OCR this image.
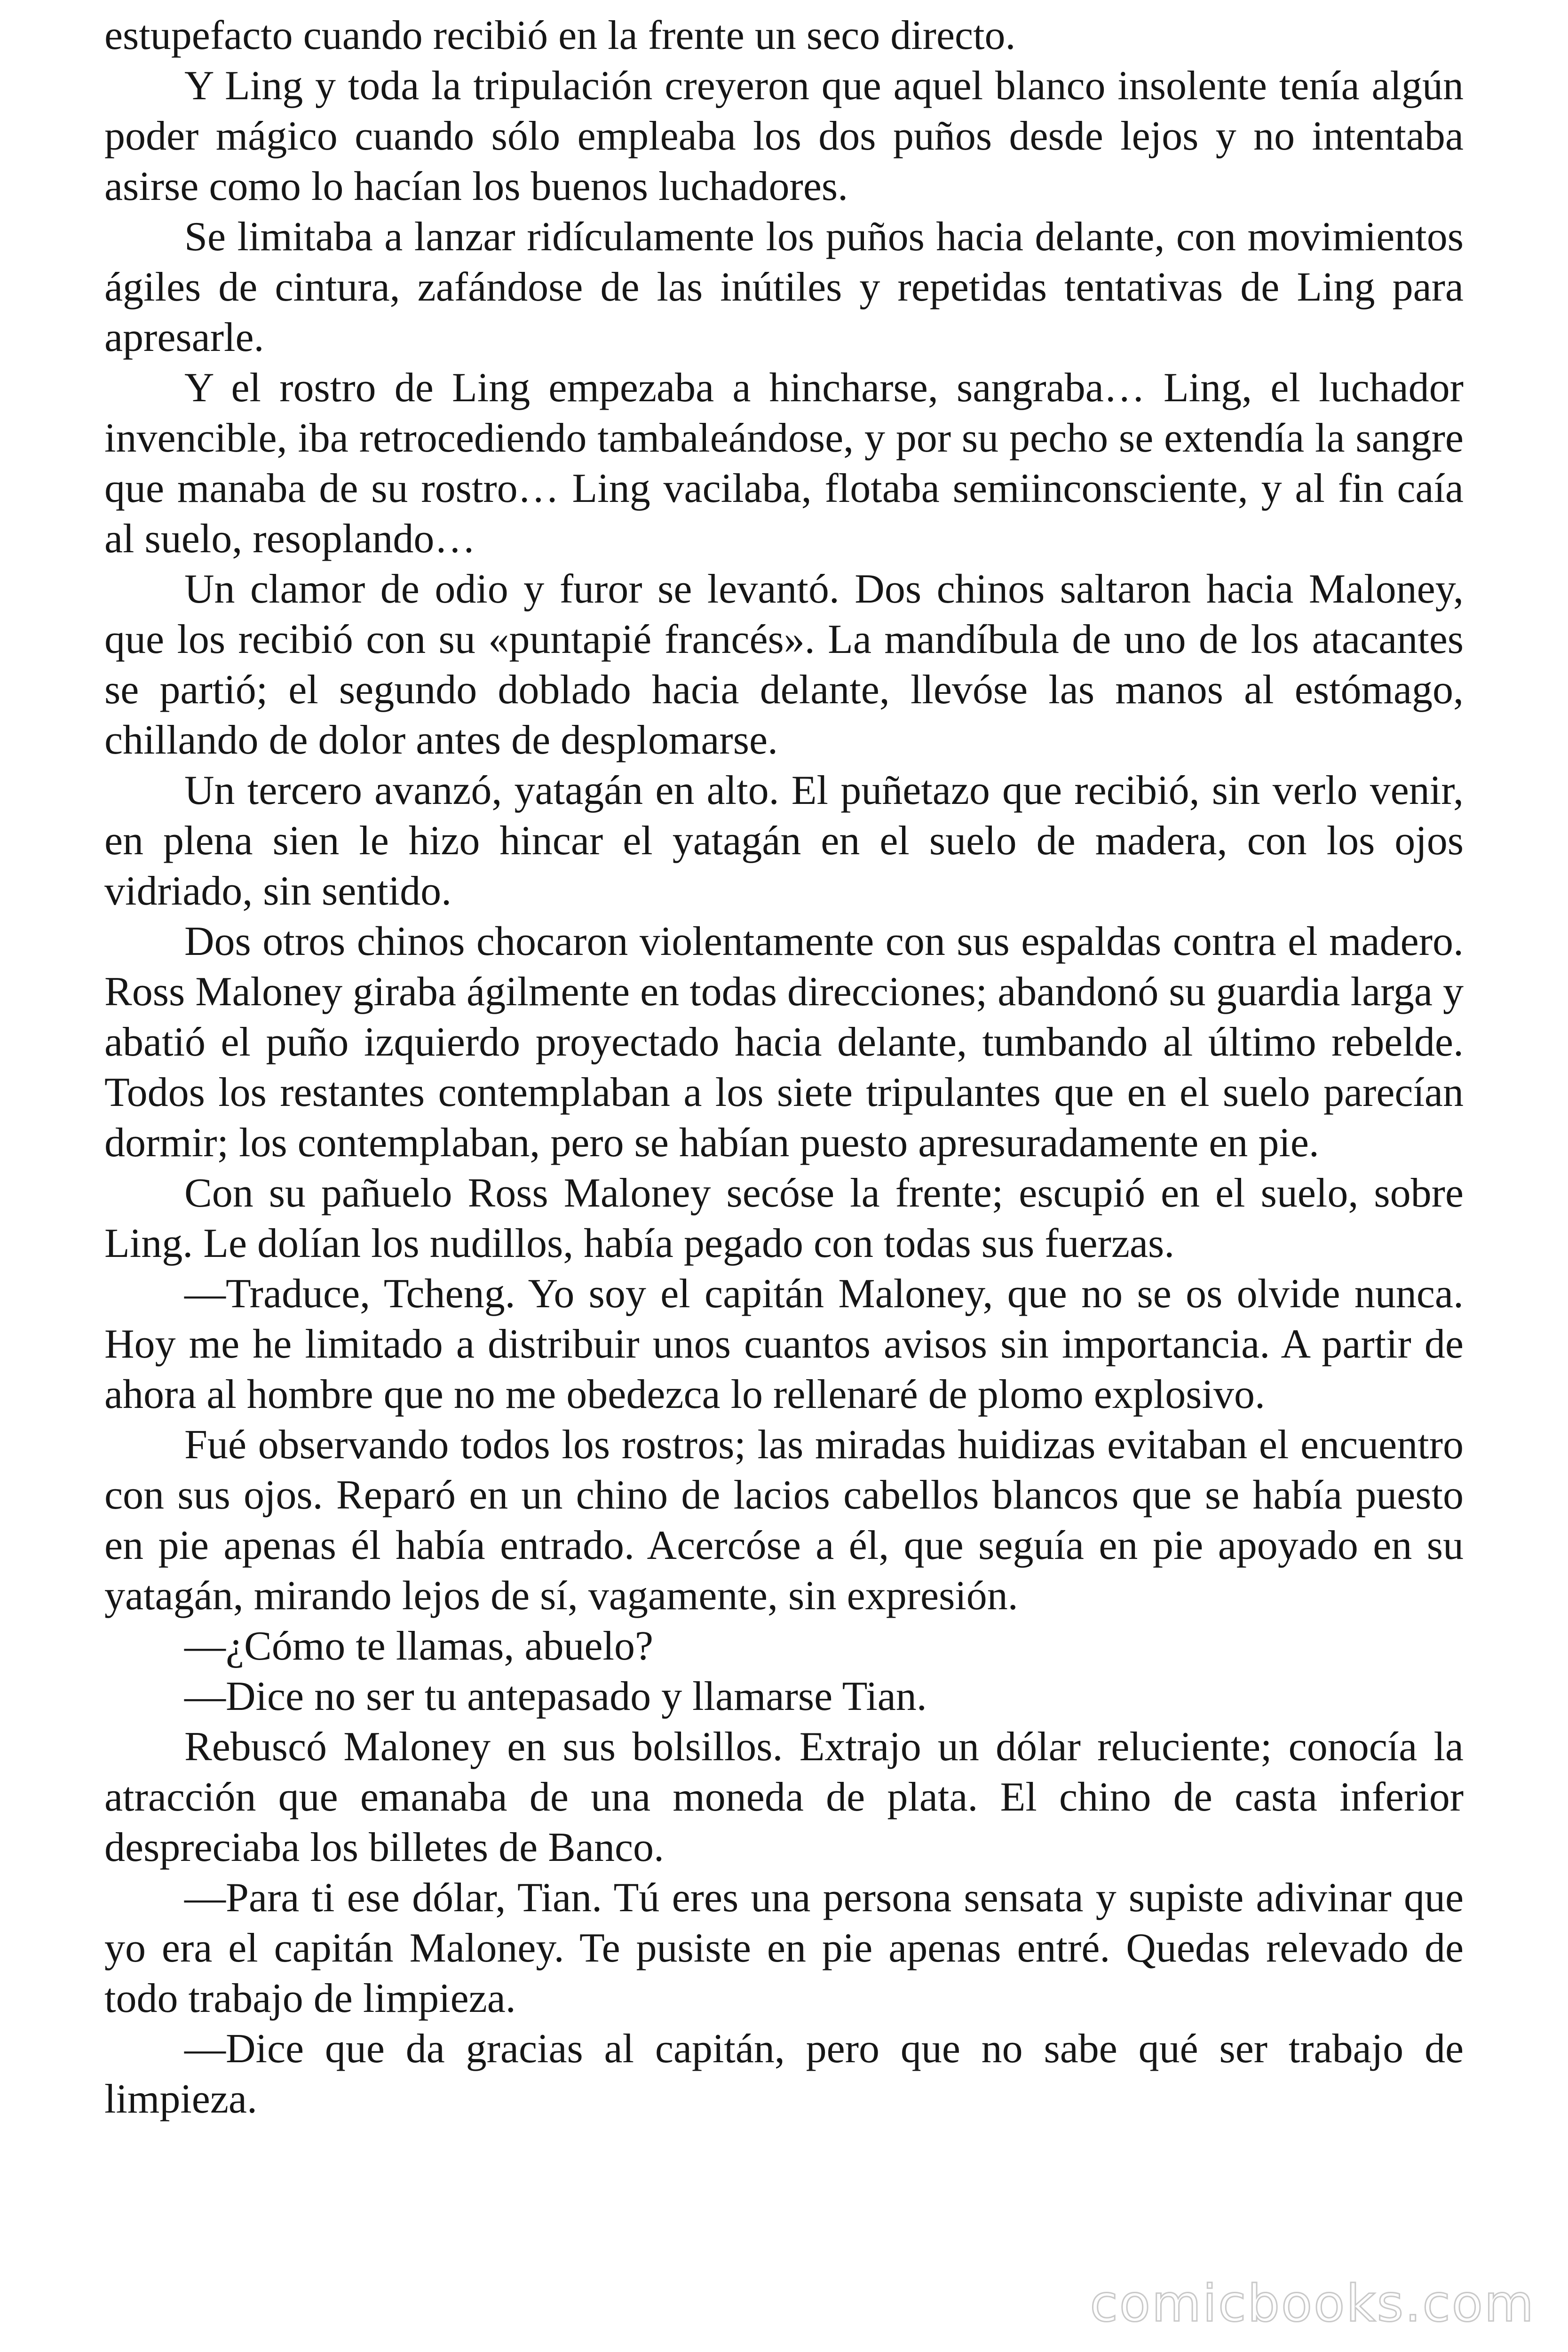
estupefacto cuando recibió en la frente un seco directo.

Y Ling y toda la tripulación creyeron que aquel blanco insolente tenía algún poder mágico cuando sólo empleaba los dos puños desde lejos y no intentaba asirse como lo hacían los buenos luchadores.

Se limitaba a lanzar ridículamente los puños hacia delante, con movimientos ágiles de cintura, zafándose de las inútiles y repetidas tentativas de Ling para apresarle.

Y el rostro de Ling empezaba a hincharse, sangraba… Ling, el luchador invencible, iba retrocediendo tambaleándose, y por su pecho se extendía la sangre que manaba de su rostro… Ling vacilaba, flotaba semiinconsciente, y al fin caía al suelo, resoplando…

Un clamor de odio y furor se levantó. Dos chinos saltaron hacia Maloney, que los recibió con su «puntapié francés». La mandíbula de uno de los atacantes se partió; el segundo doblado hacia delante, llevóse las manos al estómago, chillando de dolor antes de desplomarse.

Un tercero avanzó, yatagán en alto. El puñetazo que recibió, sin verlo venir, en plena sien le hizo hincar el yatagán en el suelo de madera, con los ojos vidriado, sin sentido.

Dos otros chinos chocaron violentamente con sus espaldas contra el madero. Ross Maloney giraba ágilmente en todas direcciones; abandonó su guardia larga y abatió el puño izquierdo proyectado hacia delante, tumbando al último rebelde. Todos los restantes contemplaban a los siete tripulantes que en el suelo parecían dormir; los contemplaban, pero se habían puesto apresuradamente en pie.

Con su pañuelo Ross Maloney secóse la frente; escupió en el suelo, sobre Ling. Le dolían los nudillos, había pegado con todas sus fuerzas.

—Traduce, Tcheng. Yo soy el capitán Maloney, que no se os olvide nunca. Hoy me he limitado a distribuir unos cuantos avisos sin importancia. A partir de ahora al hombre que no me obedezca lo rellenaré de plomo explosivo.

Fué observando todos los rostros; las miradas huidizas evitaban el encuentro con sus ojos. Reparó en un chino de lacios cabellos blancos que se había puesto en pie apenas él había entrado. Acercóse a él, que seguía en pie apoyado en su yatagán, mirando lejos de sí, vagamente, sin expresión.

—¿Cómo te llamas, abuelo?

—Dice no ser tu antepasado y llamarse Tian.

Rebuscó Maloney en sus bolsillos. Extrajo un dólar reluciente; conocía la atracción que emanaba de una moneda de plata. El chino de casta inferior despreciaba los billetes de Banco.

—Para ti ese dólar, Tian. Tú eres una persona sensata y supiste adivinar que yo era el capitán Maloney. Te pusiste en pie apenas entré. Quedas relevado de todo trabajo de limpieza.

—Dice que da gracias al capitán, pero que no sabe qué ser trabajo de limpieza.

comicbooks.com
